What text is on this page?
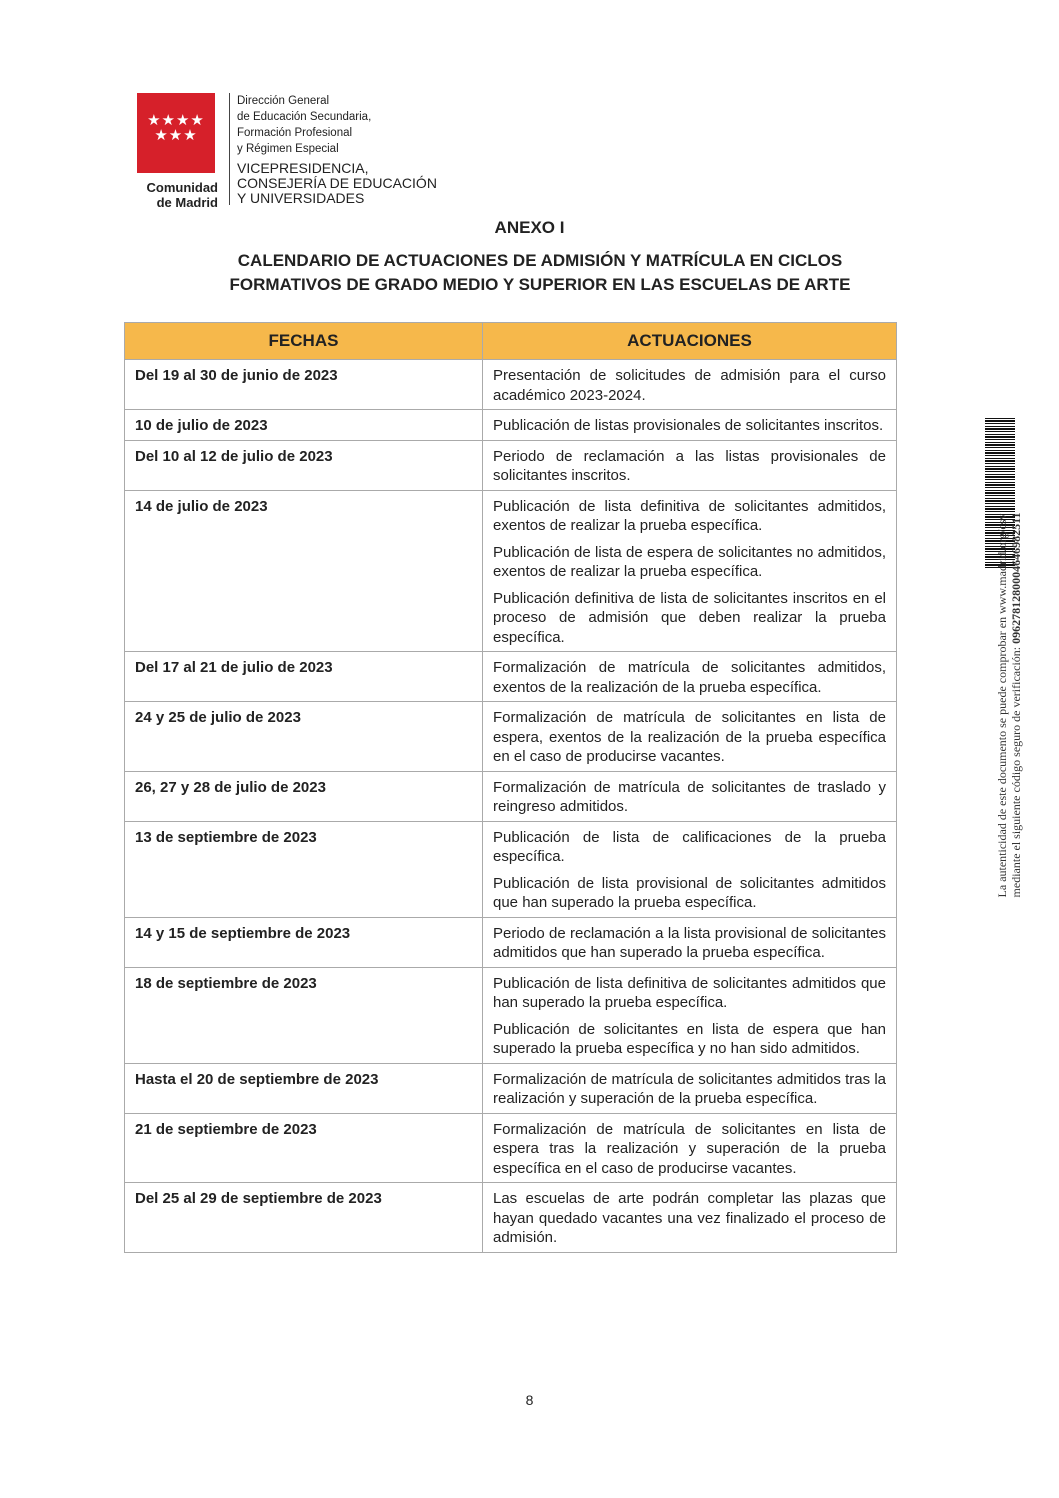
★★★★
★★★
Comunidad
de Madrid
Dirección General
de Educación Secundaria,
Formación Profesional
y Régimen Especial
VICEPRESIDENCIA,
CONSEJERÍA DE EDUCACIÓN
Y UNIVERSIDADES
ANEXO I
CALENDARIO DE ACTUACIONES DE ADMISIÓN Y MATRÍCULA EN CICLOS
FORMATIVOS DE GRADO MEDIO Y SUPERIOR EN LAS ESCUELAS DE ARTE
FECHAS	ACTUACIONES
Del 19 al 30 de junio de 2023	Presentación de solicitudes de admisión para el curso académico 2023-2024.

10 de julio de 2023	Publicación de listas provisionales de solicitantes inscritos.

Del 10 al 12 de julio de 2023	Periodo de reclamación a las listas provisionales de solicitantes inscritos.

14 de julio de 2023	Publicación de lista definitiva de solicitantes admitidos, exentos de realizar la prueba específica.

Publicación de lista de espera de solicitantes no admitidos, exentos de realizar la prueba específica.

Publicación definitiva de lista de solicitantes inscritos en el proceso de admisión que deben realizar la prueba específica.

Del 17 al 21 de julio de 2023	Formalización de matrícula de solicitantes admitidos, exentos de la realización de la prueba específica.

24 y 25 de julio de 2023	Formalización de matrícula de solicitantes en lista de espera, exentos de la realización de la prueba específica en el caso de producirse vacantes.

26, 27 y 28 de julio de 2023	Formalización de matrícula de solicitantes de traslado y reingreso admitidos.

13 de septiembre de 2023	Publicación de lista de calificaciones de la prueba específica.

Publicación de lista provisional de solicitantes admitidos que han superado la prueba específica.

14 y 15 de septiembre de 2023	Periodo de reclamación a la lista provisional de solicitantes admitidos que han superado la prueba específica.

18 de septiembre de 2023	Publicación de lista definitiva de solicitantes admitidos que han superado la prueba específica.

Publicación de solicitantes en lista de espera que han superado la prueba específica y no han sido admitidos.

Hasta el 20 de septiembre de 2023	Formalización de matrícula de solicitantes admitidos tras la realización y superación de la prueba específica.

21 de septiembre de 2023	Formalización de matrícula de solicitantes en lista de espera tras la realización y superación de la prueba específica en el caso de producirse vacantes.

Del 25 al 29 de septiembre de 2023	Las escuelas de arte podrán completar las plazas que hayan quedado vacantes una vez finalizado el proceso de admisión.

8
La autenticidad de este documento se puede comprobar en www.madrid.org/csv mediante el siguiente código seguro de verificación: 0962781280004646982511
